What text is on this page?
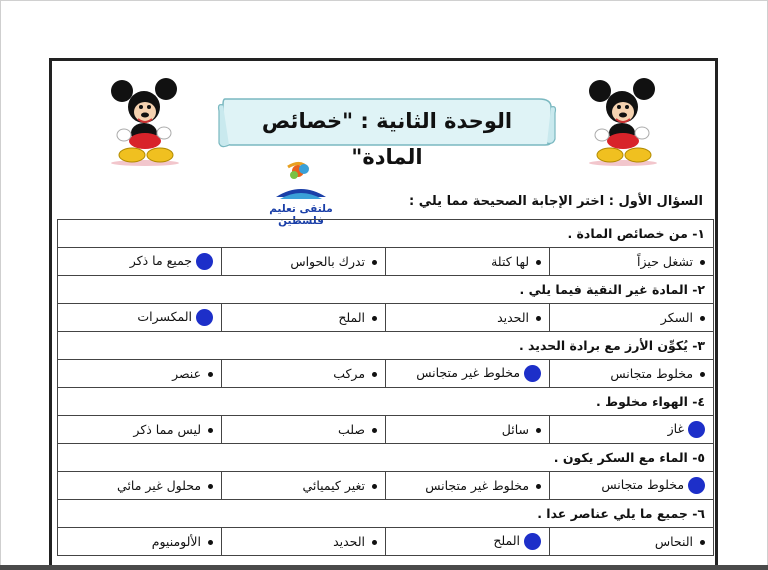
الوحدة الثانية : "خصائص المادة"
ملتقى تعليم فلسطين
السؤال الأول : اختر الإجابة الصحيحة مما يلي :
١- من خصائص المادة .			
تشغل حيزاً	لها كتلة	تدرك بالحواس	جميع ما ذكر
٢- المادة غير النقية فيما يلي .			
السكر	الحديد	الملح	المكسرات
٣- يُكوِّن الأرز مع برادة الحديد .			
مخلوط متجانس	مخلوط غير متجانس	مركب	عنصر
٤- الهواء مخلوط .			
غاز	سائل	صلب	ليس مما ذكر
٥- الماء مع السكر يكون .			
مخلوط متجانس	مخلوط غير متجانس	تغير كيميائي	محلول غير مائي
٦- جميع ما يلي عناصر عدا .			
النحاس	الملح	الحديد	الألومنيوم
